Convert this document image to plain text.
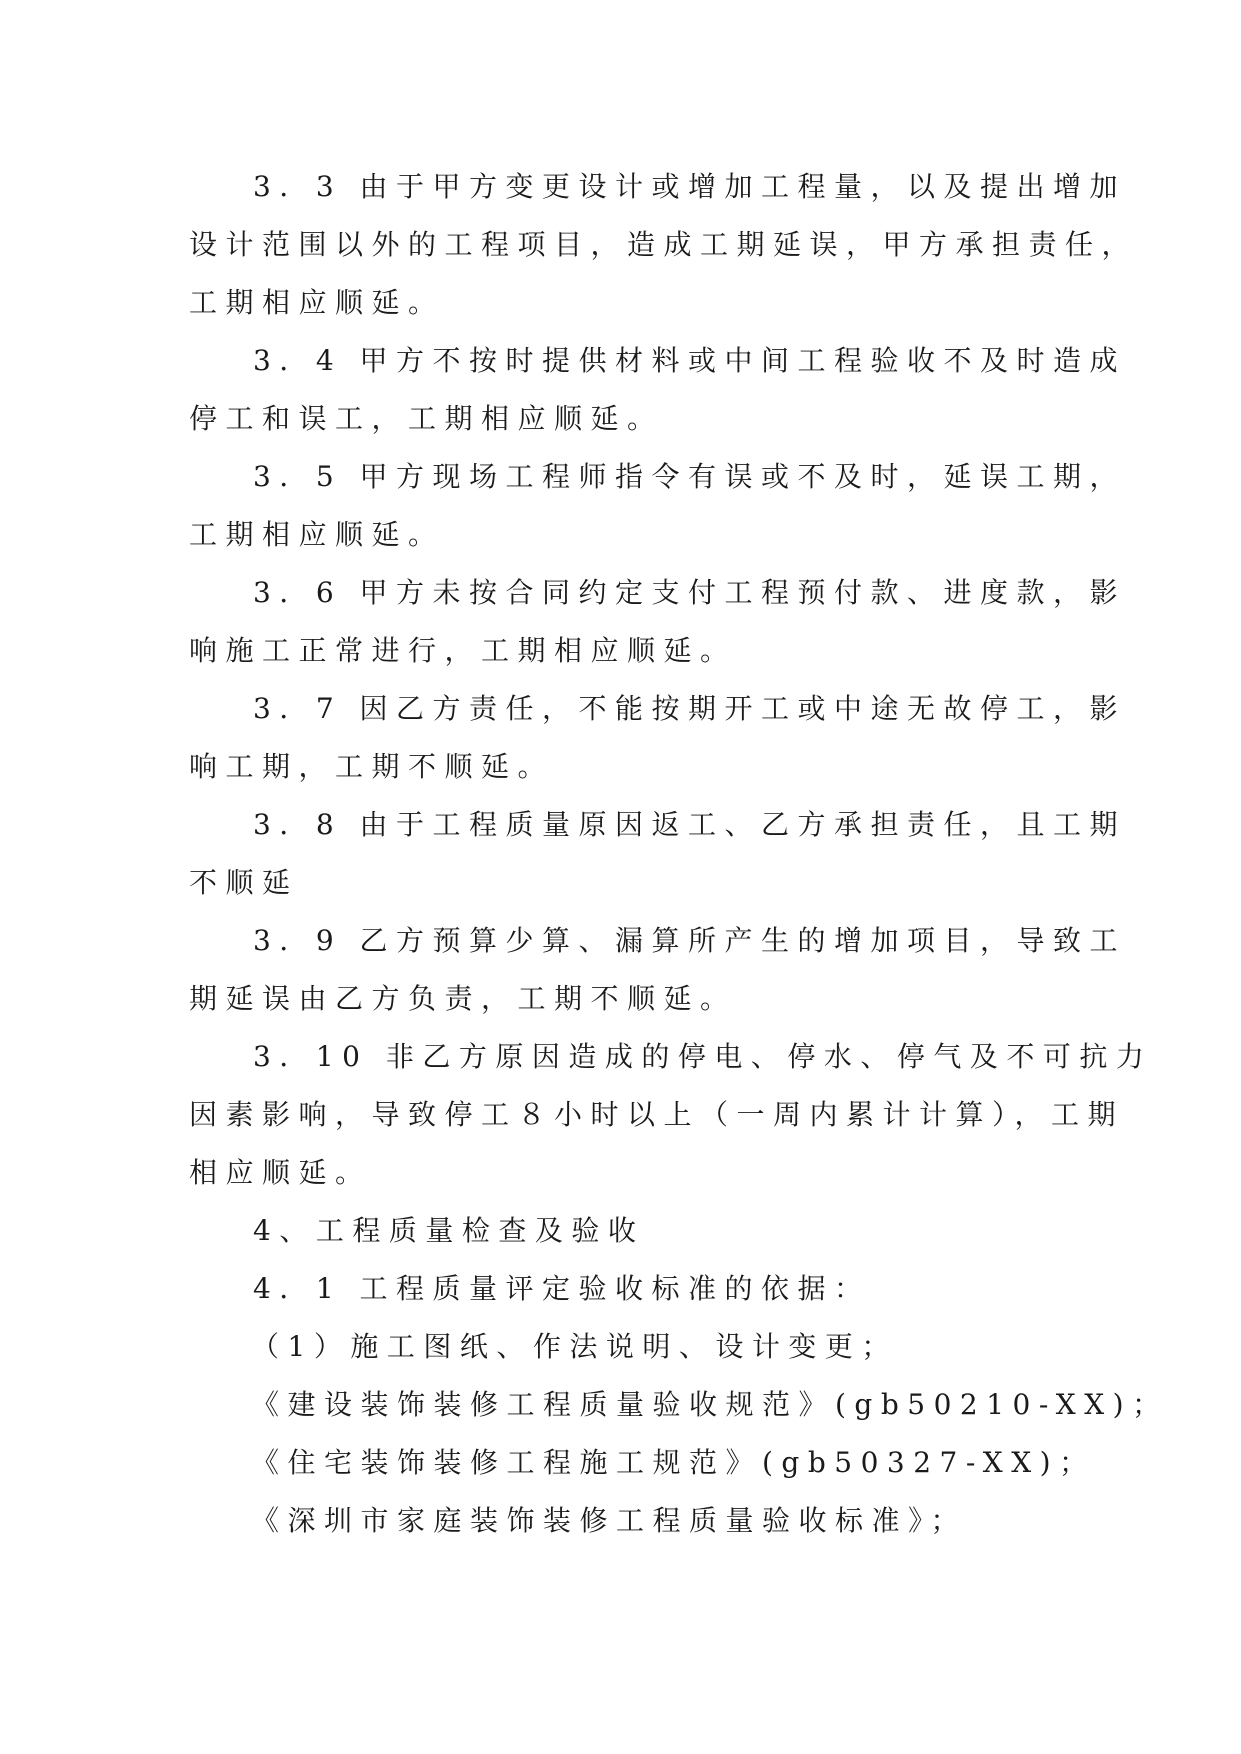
3．3 由于甲方变更设计或增加工程量，以及提出增加
设计范围以外的工程项目，造成工期延误，甲方承担责任，
工期相应顺延。

3．4 甲方不按时提供材料或中间工程验收不及时造成
停工和误工，工期相应顺延。

3．5 甲方现场工程师指令有误或不及时，延误工期，
工期相应顺延。

3．6 甲方未按合同约定支付工程预付款、进度款，影
响施工正常进行，工期相应顺延。

3．7 因乙方责任，不能按期开工或中途无故停工，影
响工期，工期不顺延。

3．8 由于工程质量原因返工、乙方承担责任，且工期
不顺延

3．9 乙方预算少算、漏算所产生的增加项目，导致工
期延误由乙方负责，工期不顺延。

3．10 非乙方原因造成的停电、停水、停气及不可抗力
因素影响，导致停工８小时以上（一周内累计计算），工期
相应顺延。

4、工程质量检查及验收

4．1 工程质量评定验收标准的依据：

（1）施工图纸、作法说明、设计变更；

《建设装饰装修工程质量验收规范》(gb50210-XX)；

《住宅装饰装修工程施工规范》(gb50327-XX)；

《深圳市家庭装饰装修工程质量验收标准》；
